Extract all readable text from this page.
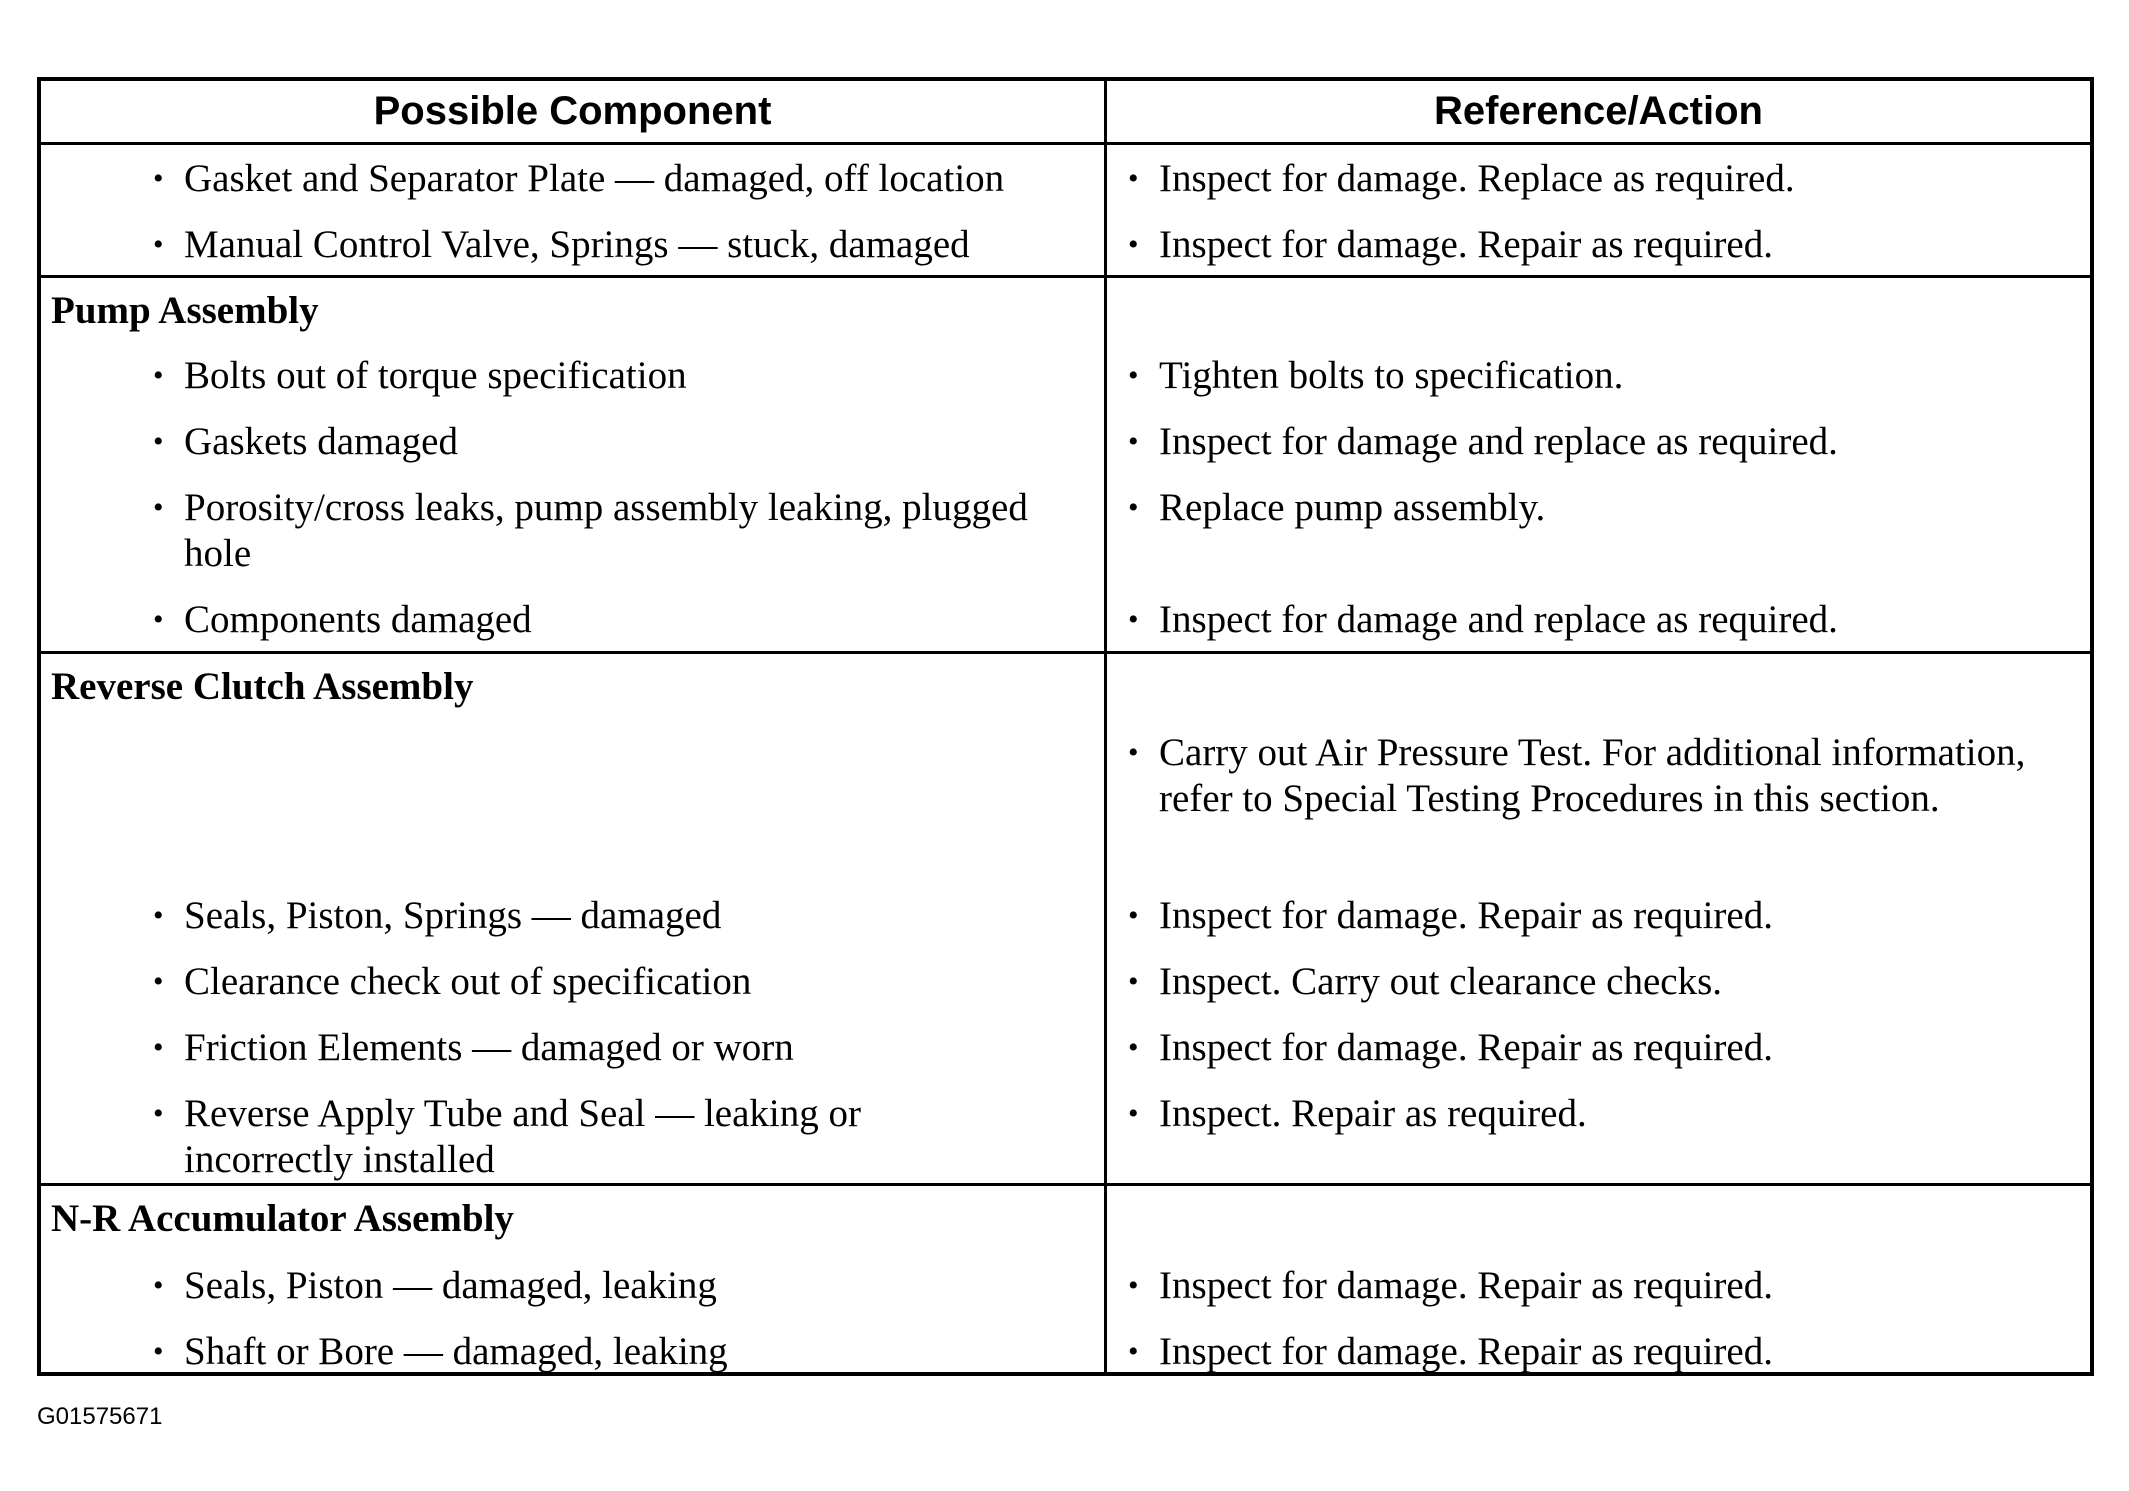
Possible Component	Reference/Action
• Gasket and Separator Plate — damaged, off location
• Manual Control Valve, Springs — stuck, damaged
• Inspect for damage. Replace as required.
• Inspect for damage. Repair as required.
Pump Assembly
• Bolts out of torque specification
• Gaskets damaged
• Porosity/cross leaks, pump assembly leaking, plugged hole
• Components damaged
• Tighten bolts to specification.
• Inspect for damage and replace as required.
• Replace pump assembly.
• Inspect for damage and replace as required.
Reverse Clutch Assembly
• Seals, Piston, Springs — damaged
• Clearance check out of specification
• Friction Elements — damaged or worn
• Reverse Apply Tube and Seal — leaking or incorrectly installed
• Carry out Air Pressure Test. For additional information, refer to Special Testing Procedures in this section.
• Inspect for damage. Repair as required.
• Inspect. Carry out clearance checks.
• Inspect for damage. Repair as required.
• Inspect. Repair as required.
N-R Accumulator Assembly
• Seals, Piston — damaged, leaking
• Shaft or Bore — damaged, leaking
• Inspect for damage. Repair as required.
• Inspect for damage. Repair as required.
G01575671
